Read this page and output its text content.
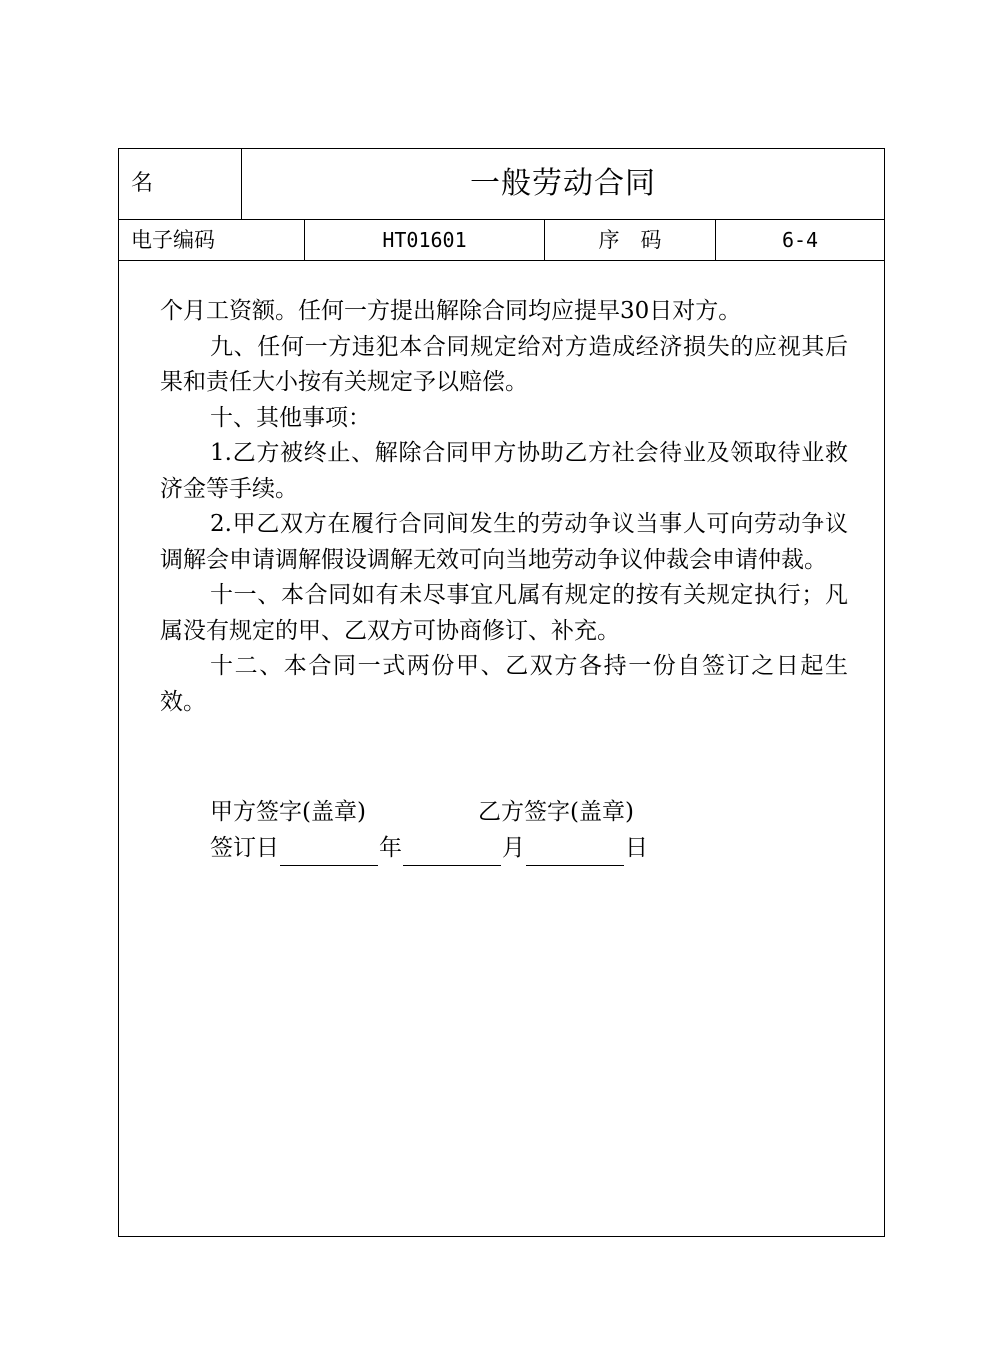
名	一般劳动合同
电子编码	HT01601	序　码	6-4

个月工资额。任何一方提出解除合同均应提早30日对方。

九、任何一方违犯本合同规定给对方造成经济损失的应视其后果和责任大小按有关规定予以赔偿。

十、其他事项：

1.乙方被终止、解除合同甲方协助乙方社会待业及领取待业救济金等手续。

2.甲乙双方在履行合同间发生的劳动争议当事人可向劳动争议调解会申请调解假设调解无效可向当地劳动争议仲裁会申请仲裁。

十一、本合同如有未尽事宜凡属有规定的按有关规定执行；凡属没有规定的甲、乙双方可协商修订、补充。

十二、本合同一式两份甲、乙双方各持一份自签订之日起生效。

甲方签字(盖章)	乙方签字(盖章)
签订日	年	月	日
